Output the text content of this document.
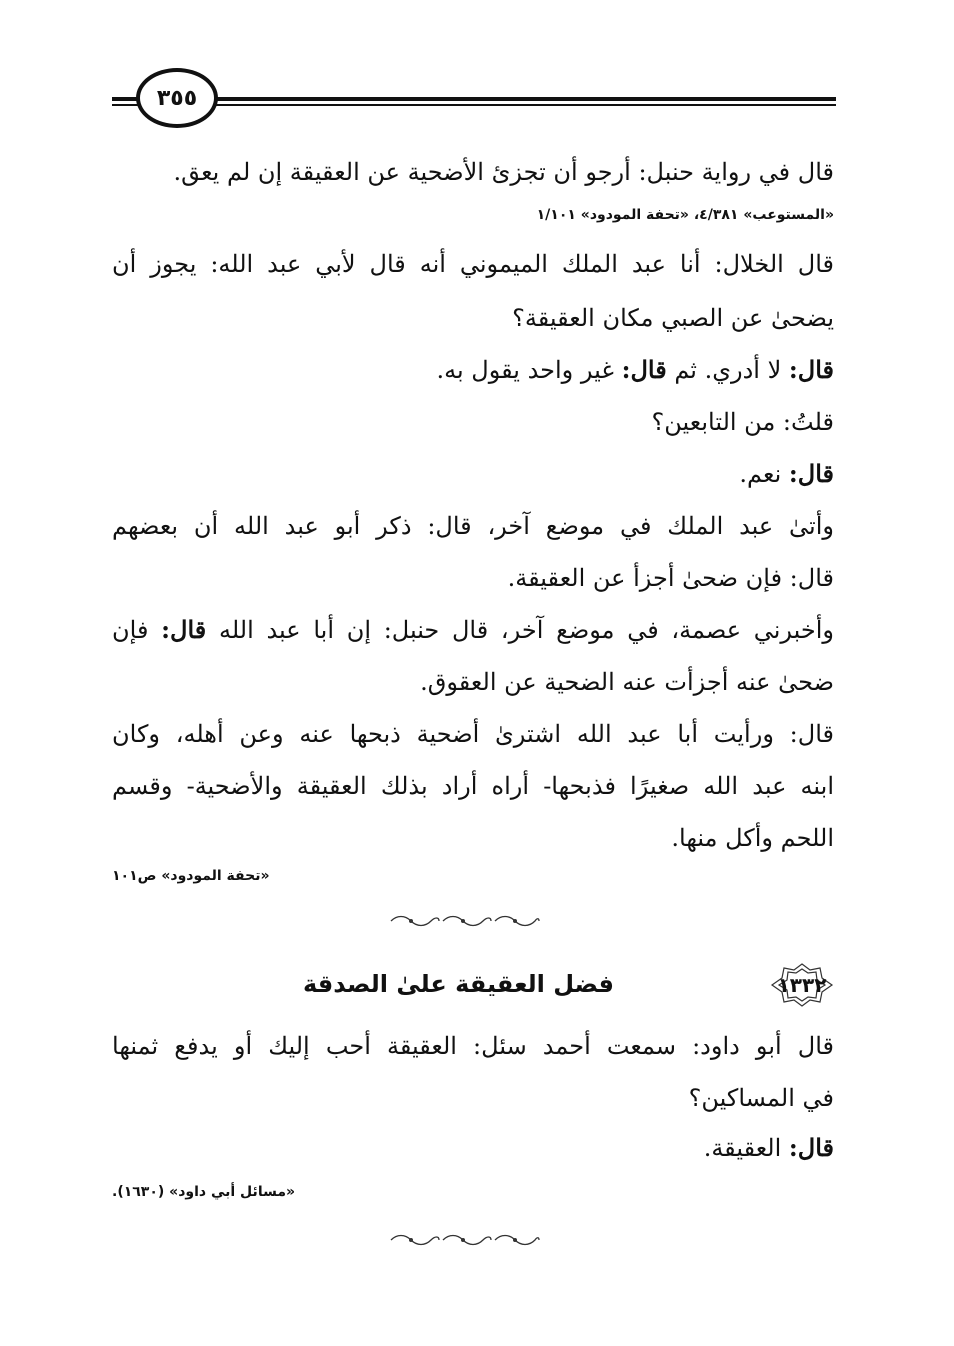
٣٥٥
قال في رواية حنبل: أرجو أن تجزئ الأضحية عن العقيقة إن لم يعق.
«المستوعب» ٤/٣٨١، «تحفة المودود» ١/١٠١
قال الخلال: أنا عبد الملك الميموني أنه قال لأبي عبد الله: يجوز أن
يضحىٰ عن الصبي مكان العقيقة؟
قال: لا أدري. ثم قال: غير واحد يقول به.
قلتُ: من التابعين؟
قال: نعم.
وأتىٰ عبد الملك في موضع آخر، قال: ذكر أبو عبد الله أن بعضهم
قال: فإن ضحىٰ أجزأ عن العقيقة.
وأخبرني عصمة، في موضع آخر، قال حنبل: إن أبا عبد الله قال: فإن
ضحىٰ عنه أجزأت عنه الضحية عن العقوق.
قال: ورأيت أبا عبد الله اشترىٰ أضحية ذبحها عنه وعن أهله، وكان
ابنه عبد الله صغيرًا فذبحها- أراه أراد بذلك العقيقة والأضحية- وقسم
اللحم وأكل منها.
«تحفة المودود» ص١٠١
١٣٣٢
فضل العقيقة علىٰ الصدقة
قال أبو داود: سمعت أحمد سئل: العقيقة أحب إليك أو يدفع ثمنها
في المساكين؟
قال: العقيقة.
«مسائل أبي داود» (١٦٣٠).
